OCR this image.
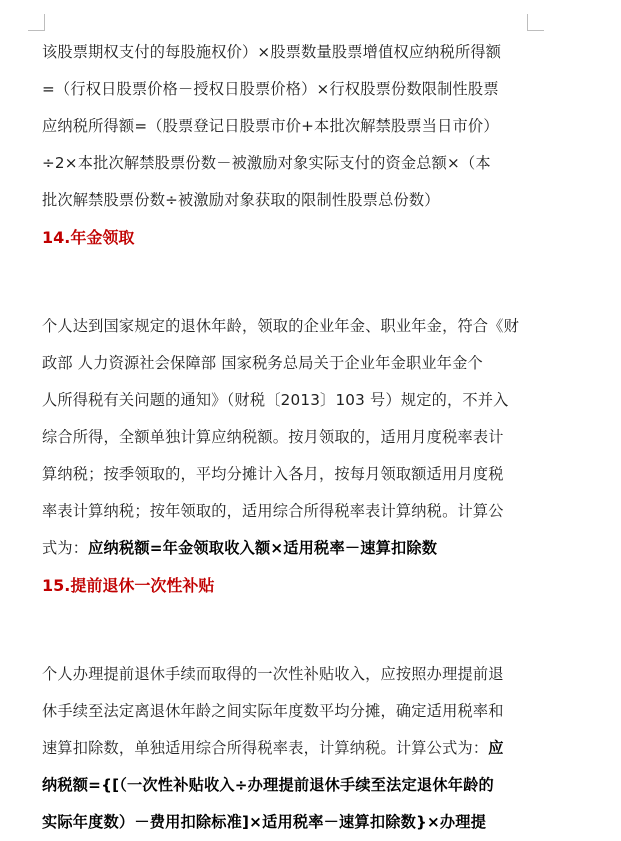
该股票期权支付的每股施权价）×股票数量股票增值权应纳税所得额
=（行权日股票价格－授权日股票价格）×行权股票份数限制性股票
应纳税所得额=（股票登记日股票市价+本批次解禁股票当日市价）
÷2×本批次解禁股票份数－被激励对象实际支付的资金总额×（本
批次解禁股票份数÷被激励对象获取的限制性股票总份数）
14.年金领取
个人达到国家规定的退休年龄，领取的企业年金、职业年金，符合《财
政部 人力资源社会保障部 国家税务总局关于企业年金职业年金个
人所得税有关问题的通知》（财税〔2013〕103 号）规定的，不并入
综合所得，全额单独计算应纳税额。按月领取的，适用月度税率表计
算纳税；按季领取的，平均分摊计入各月，按每月领取额适用月度税
率表计算纳税；按年领取的，适用综合所得税率表计算纳税。计算公
式为：应纳税额=年金领取收入额×适用税率－速算扣除数
15.提前退休一次性补贴
个人办理提前退休手续而取得的一次性补贴收入，应按照办理提前退
休手续至法定离退休年龄之间实际年度数平均分摊，确定适用税率和
速算扣除数，单独适用综合所得税率表，计算纳税。计算公式为：应
纳税额={[（一次性补贴收入÷办理提前退休手续至法定退休年龄的
实际年度数）－费用扣除标准]×适用税率－速算扣除数}×办理提
